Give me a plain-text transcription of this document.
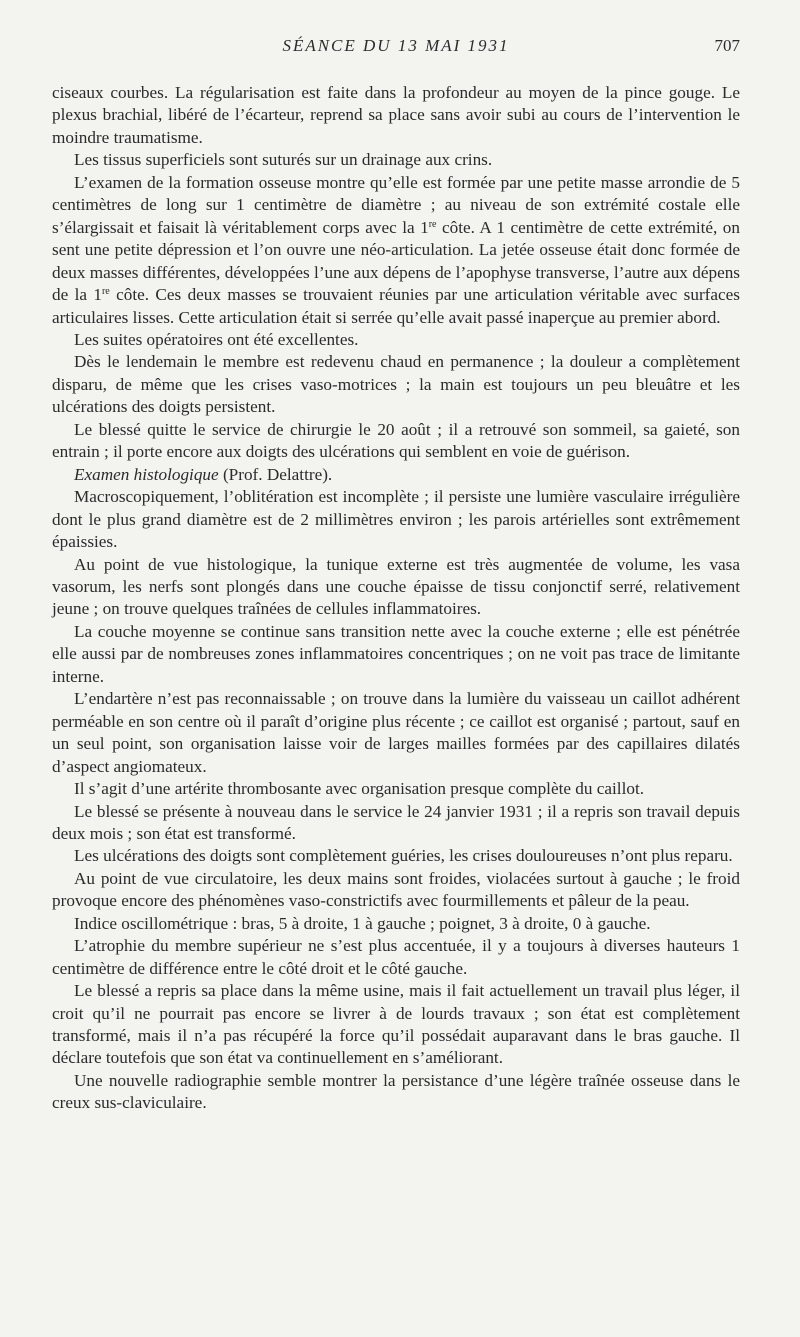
SÉANCE DU 13 MAI 1931	707

ciseaux courbes. La régularisation est faite dans la profondeur au moyen de la pince gouge. Le plexus brachial, libéré de l’écarteur, reprend sa place sans avoir subi au cours de l’intervention le moindre traumatisme.

Les tissus superficiels sont suturés sur un drainage aux crins.

L’examen de la formation osseuse montre qu’elle est formée par une petite masse arrondie de 5 centimètres de long sur 1 centimètre de diamètre ; au niveau de son extrémité costale elle s’élargissait et faisait là véritablement corps avec la 1re côte. A 1 centimètre de cette extrémité, on sent une petite dépression et l’on ouvre une néo-articulation. La jetée osseuse était donc formée de deux masses différentes, développées l’une aux dépens de l’apophyse transverse, l’autre aux dépens de la 1re côte. Ces deux masses se trouvaient réunies par une articulation véritable avec surfaces articulaires lisses. Cette articulation était si serrée qu’elle avait passé inaperçue au premier abord.

Les suites opératoires ont été excellentes.

Dès le lendemain le membre est redevenu chaud en permanence ; la douleur a complètement disparu, de même que les crises vaso-motrices ; la main est toujours un peu bleuâtre et les ulcérations des doigts persistent.

Le blessé quitte le service de chirurgie le 20 août ; il a retrouvé son sommeil, sa gaieté, son entrain ; il porte encore aux doigts des ulcérations qui semblent en voie de guérison.

Examen histologique (Prof. Delattre).

Macroscopiquement, l’oblitération est incomplète ; il persiste une lumière vasculaire irrégulière dont le plus grand diamètre est de 2 millimètres environ ; les parois artérielles sont extrêmement épaissies.

Au point de vue histologique, la tunique externe est très augmentée de volume, les vasa vasorum, les nerfs sont plongés dans une couche épaisse de tissu conjonctif serré, relativement jeune ; on trouve quelques traînées de cellules inflammatoires.

La couche moyenne se continue sans transition nette avec la couche externe ; elle est pénétrée elle aussi par de nombreuses zones inflammatoires concentriques ; on ne voit pas trace de limitante interne.

L’endartère n’est pas reconnaissable ; on trouve dans la lumière du vaisseau un caillot adhérent perméable en son centre où il paraît d’origine plus récente ; ce caillot est organisé ; partout, sauf en un seul point, son organisation laisse voir de larges mailles formées par des capillaires dilatés d’aspect angiomateux.

Il s’agit d’une artérite thrombosante avec organisation presque complète du caillot.

Le blessé se présente à nouveau dans le service le 24 janvier 1931 ; il a repris son travail depuis deux mois ; son état est transformé.

Les ulcérations des doigts sont complètement guéries, les crises douloureuses n’ont plus reparu.

Au point de vue circulatoire, les deux mains sont froides, violacées surtout à gauche ; le froid provoque encore des phénomènes vaso-constrictifs avec fourmillements et pâleur de la peau.

Indice oscillométrique : bras, 5 à droite, 1 à gauche ; poignet, 3 à droite, 0 à gauche.

L’atrophie du membre supérieur ne s’est plus accentuée, il y a toujours à diverses hauteurs 1 centimètre de différence entre le côté droit et le côté gauche.

Le blessé a repris sa place dans la même usine, mais il fait actuellement un travail plus léger, il croit qu’il ne pourrait pas encore se livrer à de lourds travaux ; son état est complètement transformé, mais il n’a pas récupéré la force qu’il possédait auparavant dans le bras gauche. Il déclare toutefois que son état va continuellement en s’améliorant.

Une nouvelle radiographie semble montrer la persistance d’une légère traînée osseuse dans le creux sus-claviculaire.
